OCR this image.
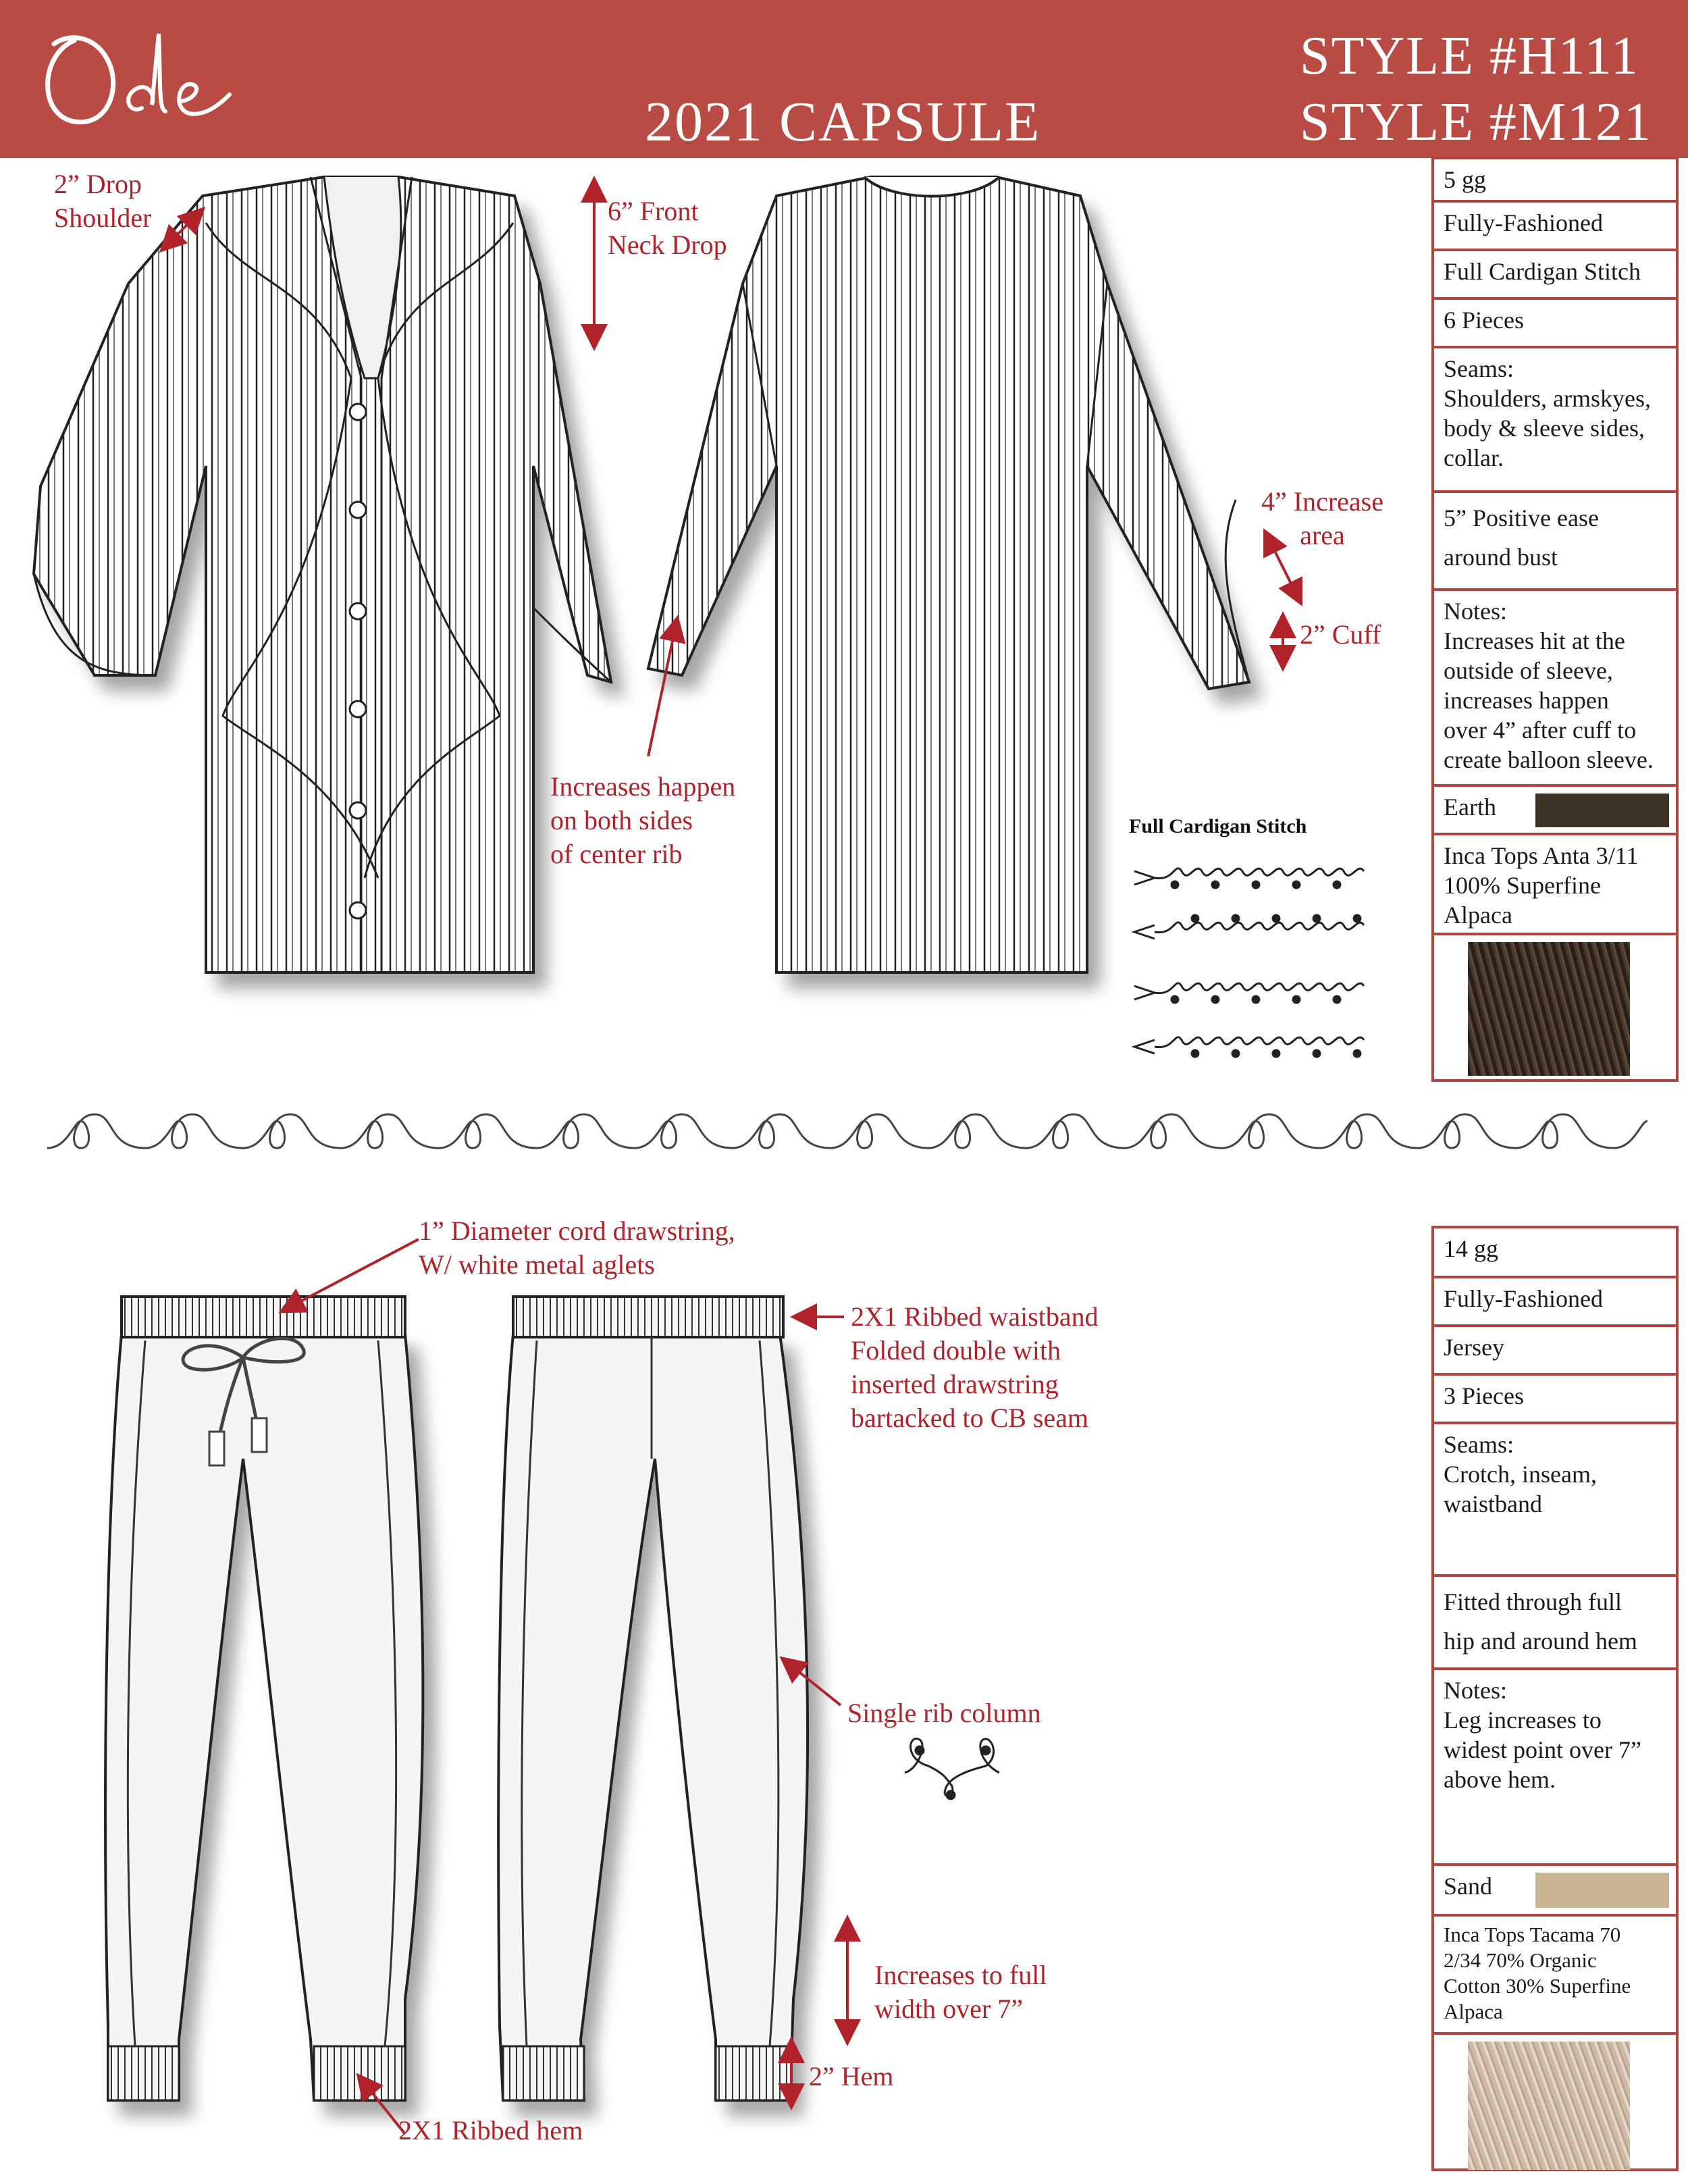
2021 CAPSULE
STYLE #H111
STYLE #M121
2” Drop
Shoulder	6” Front
Neck Drop
4” Increase
area
2” Cuff
Increases happen
on both sides
of center rib
Full Cardigan Stitch
5 gg
Fully-Fashioned
Full Cardigan Stitch
6 Pieces
Seams:
Shoulders, armskyes,
body & sleeve sides,
collar.
5” Positive ease
around bust
Notes:
Increases hit at the
outside of sleeve,
increases happen
over 4” after cuff to
create balloon sleeve.
Earth
Inca Tops Anta 3/11
100% Superfine
Alpaca
1” Diameter cord drawstring,
W/ white metal aglets
2X1 Ribbed waistband
Folded double with
inserted drawstring
bartacked to CB seam
Single rib column
Increases to full
width over 7”
2” Hem
2X1 Ribbed hem
14 gg
Fully-Fashioned
Jersey
3 Pieces
Seams:
Crotch, inseam,
waistband
Fitted through full
hip and around hem
Notes:
Leg increases to
widest point over 7”
above hem.
Sand
Inca Tops Tacama 70
2/34 70% Organic
Cotton 30% Superfine
Alpaca
